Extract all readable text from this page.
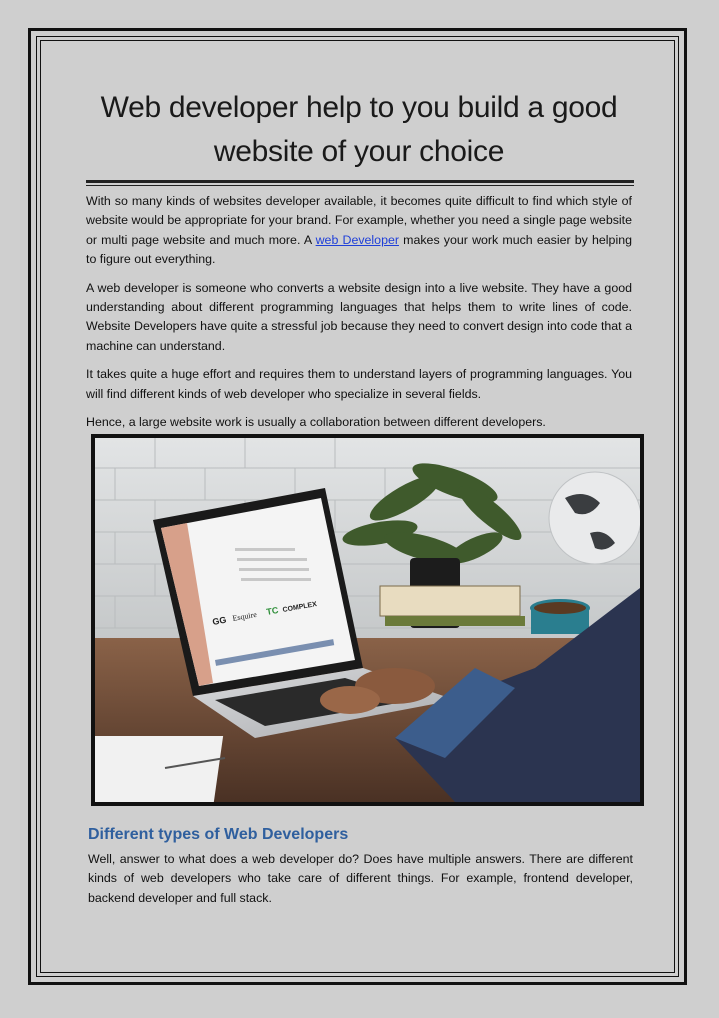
Web developer help to you build a good website of your choice

With so many kinds of websites developer available, it becomes quite difficult to find which style of website would be appropriate for your brand. For example, whether you need a single page website or multi page website and much more. A web Developer makes your work much easier by helping to figure out everything.

A web developer is someone who converts a website design into a live website. They have a good understanding about different programming languages that helps them to write lines of code. Website Developers have quite a stressful job because they need to convert design into code that a machine can understand.

It takes quite a huge effort and requires them to understand layers of programming languages. You will find different kinds of web developer who specialize in several fields.

Hence, a large website work is usually a collaboration between different developers.

GG Esquire TC COMPLEX
Different types of Web Developers

Well, answer to what does a web developer do? Does have multiple answers. There are different kinds of web developers who take care of different things. For example, frontend developer, backend developer and full stack.
